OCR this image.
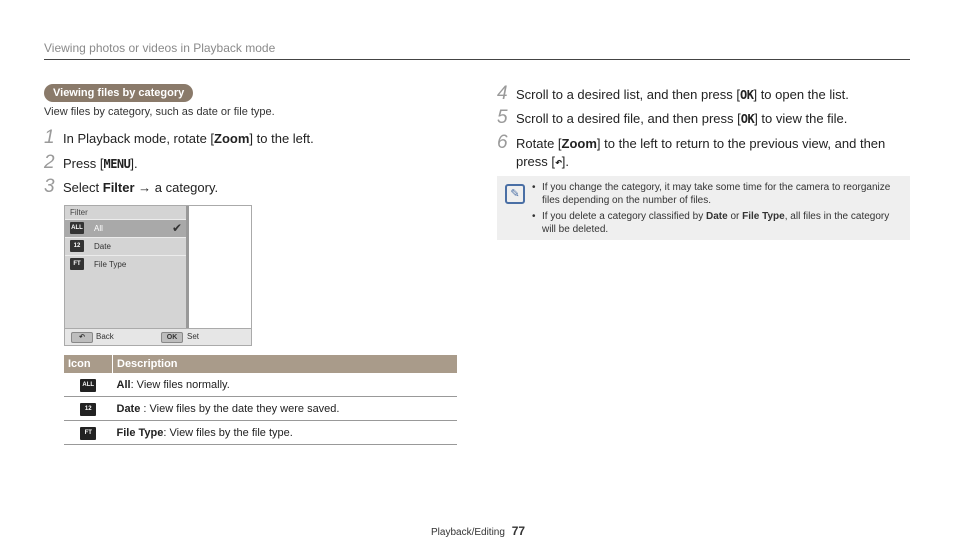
Viewing photos or videos in Playback mode
Viewing files by category
View files by category, such as date or file type.
1 In Playback mode, rotate [Zoom] to the left.
2 Press [MENU].
3 Select Filter → a category.
Filter
ALL All	✔
12	Date
FT	File Type
↶	Back	OK	Set
Icon	Description
ALL	All: View files normally.
12	Date : View files by the date they were saved.
FT	File Type: View files by the file type.
4 Scroll to a desired list, and then press [OK] to open the list.
5 Scroll to a desired file, and then press [OK] to view the file.
6 Rotate [Zoom] to the left to return to the previous view, and then
press [↶].
✎
• If you change the category, it may take some time for the camera to reorganize files depending on the number of files.
• If you delete a category classified by Date or File Type, all files in the category will be deleted.
Playback/Editing 77
